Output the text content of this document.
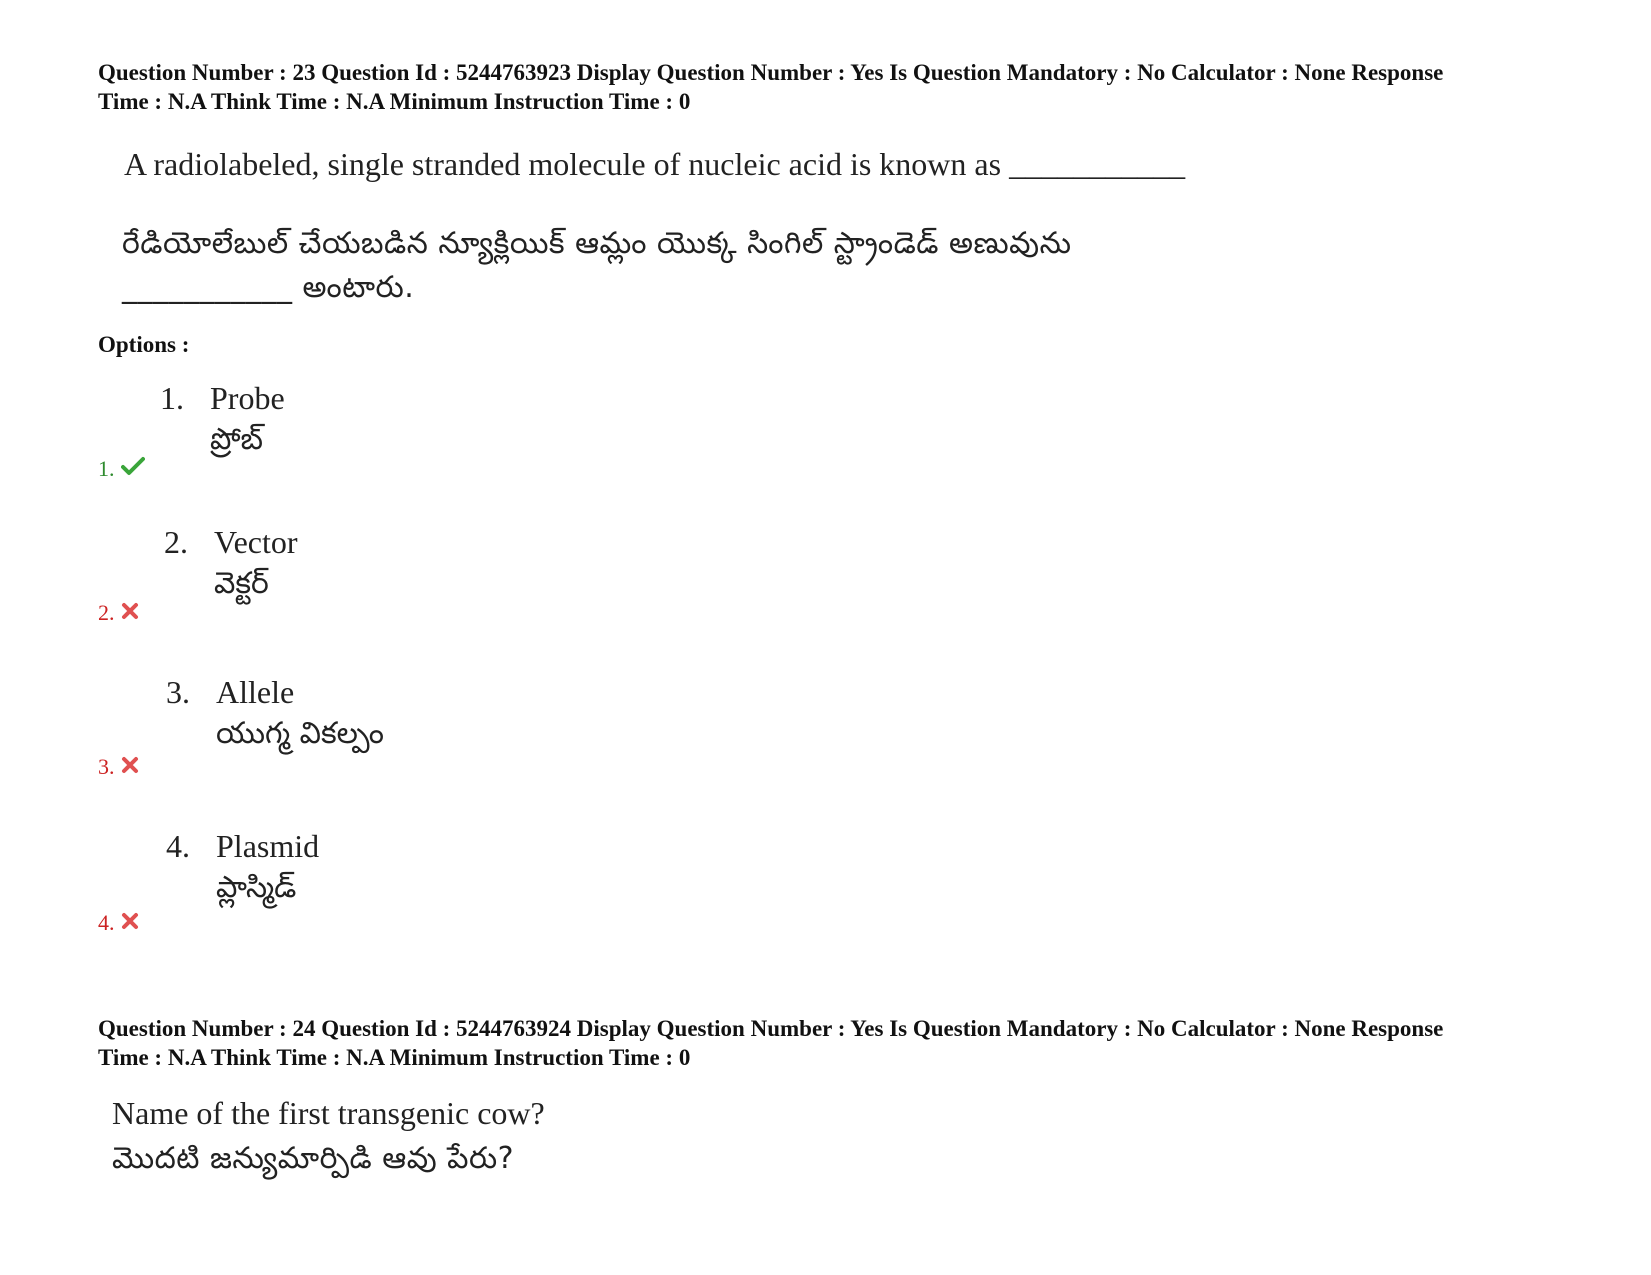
Question Number : 23 Question Id : 5244763923 Display Question Number : Yes Is Question Mandatory : No Calculator : None Response
Time : N.A Think Time : N.A Minimum Instruction Time : 0

A radiolabeled, single stranded molecule of nucleic acid is known as ___________
రేడియోలేబుల్ చేయబడిన న్యూక్లియిక్ ఆమ్లం యొక్క సింగిల్ స్ట్రాండెడ్ అణువును
___________ అంటారు.
Options :
1. Probe
ప్రోబ్
1.
2. Vector
వెక్టర్
2.
3. Allele
యుగ్మ వికల్పం
3.
4. Plasmid
ప్లాస్మిడ్
4.

Question Number : 24 Question Id : 5244763924 Display Question Number : Yes Is Question Mandatory : No Calculator : None Response
Time : N.A Think Time : N.A Minimum Instruction Time : 0

Name of the first transgenic cow?
మొదటి జన్యుమార్పిడి ఆవు పేరు?
